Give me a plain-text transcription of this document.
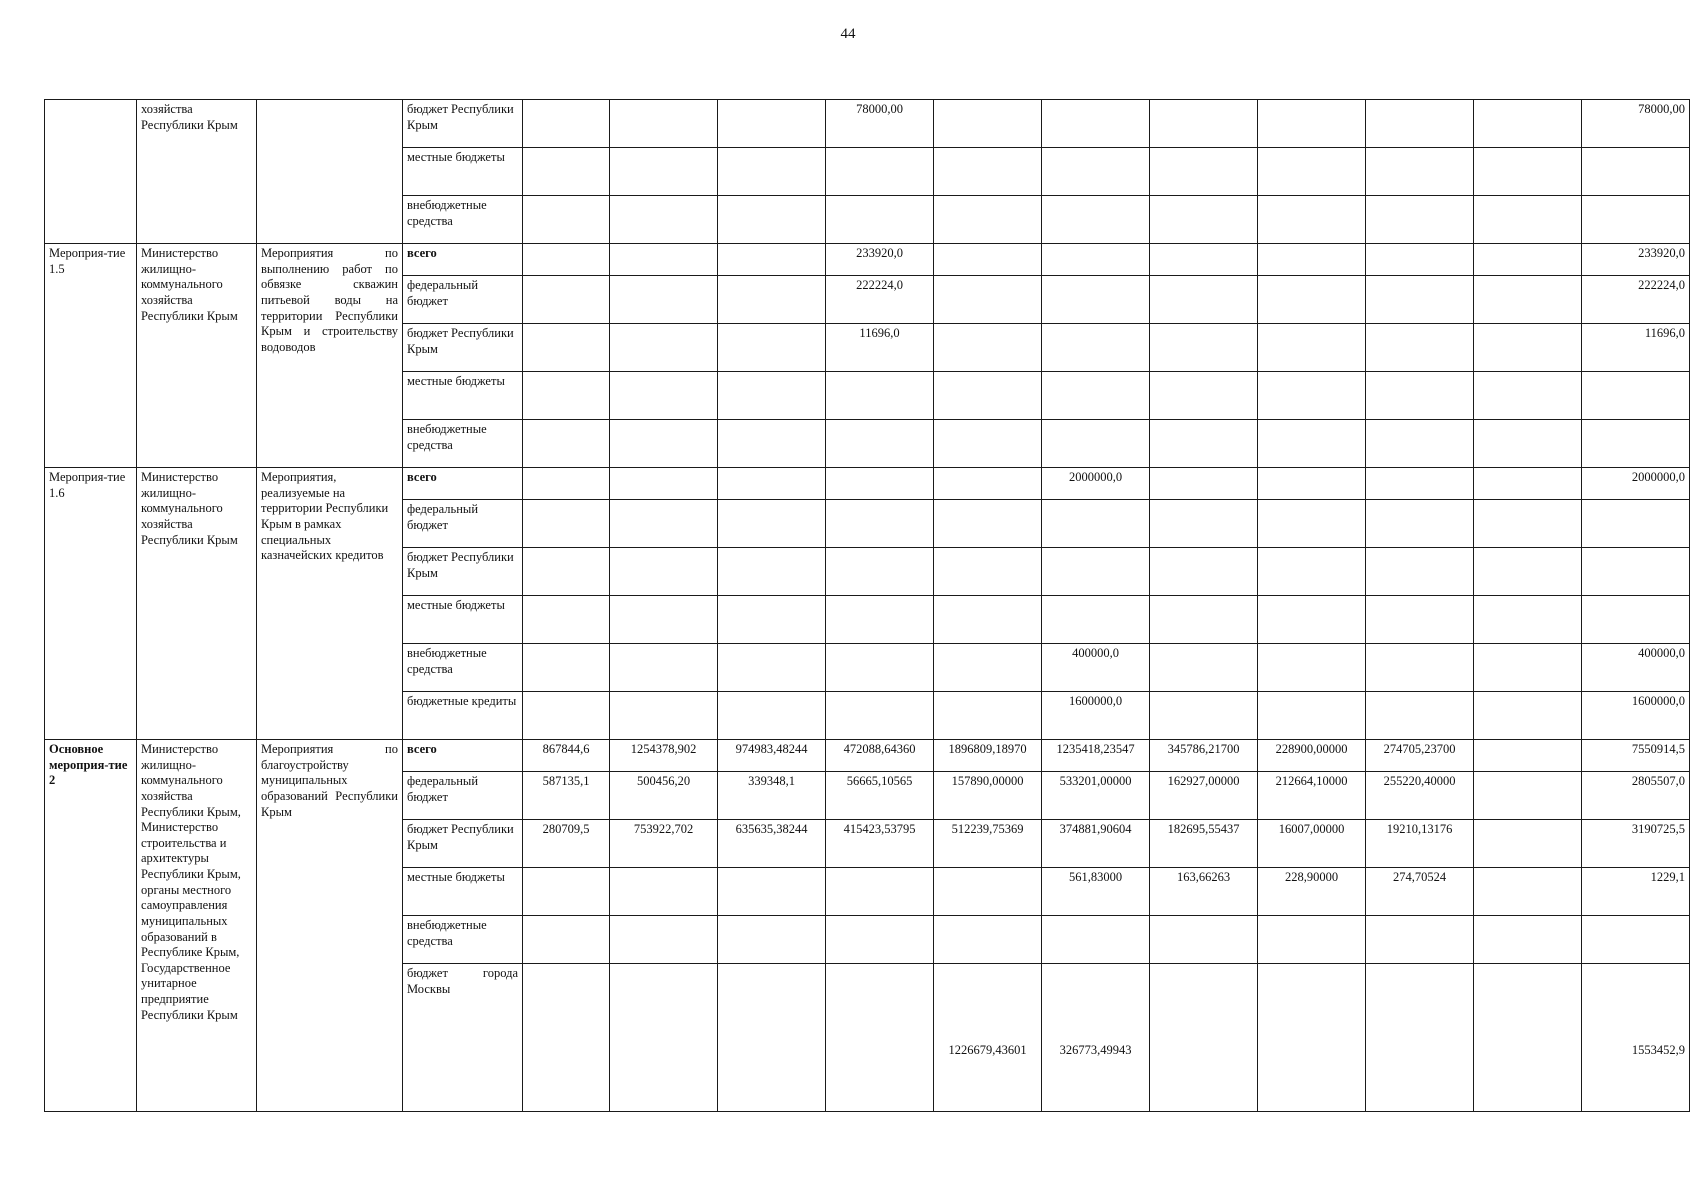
44
	хозяйства Республики Крым		бюджет Республики Крым				78000,00							78000,00
			местные бюджеты											
			внебюджетные средства											
Мероприя-тие 1.5	Министерство жилищно-коммунального хозяйства Республики Крым	Мероприятия по выполнению работ по обвязке скважин питьевой воды на территории Республики Крым и строительству водоводов	всего				233920,0							233920,0
			федеральный бюджет				222224,0							222224,0
			бюджет Республики Крым				11696,0							11696,0
			местные бюджеты											
			внебюджетные средства											
Мероприя-тие 1.6	Министерство жилищно-коммунального хозяйства Республики Крым	Мероприятия, реализуемые на территории Республики Крым в рамках специальных казначейских кредитов	всего						2000000,0					2000000,0
			федеральный бюджет											
			бюджет Республики Крым											
			местные бюджеты											
			внебюджетные средства						400000,0					400000,0
			бюджетные кредиты						1600000,0					1600000,0
Основное мероприя-тие 2	Министерство жилищно-коммунального хозяйства Республики Крым, Министерство строительства и архитектуры Республики Крым, органы местного самоуправления муниципальных образований в Республике Крым, Государственное унитарное предприятие Республики Крым	Мероприятия по благоустройству муниципальных образований Республики Крым	всего	867844,6	1254378,902	974983,48244	472088,64360	1896809,18970	1235418,23547	345786,21700	228900,00000	274705,23700		7550914,5
			федеральный бюджет	587135,1	500456,20	339348,1	56665,10565	157890,00000	533201,00000	162927,00000	212664,10000	255220,40000		2805507,0
			бюджет Республики Крым	280709,5	753922,702	635635,38244	415423,53795	512239,75369	374881,90604	182695,55437	16007,00000	19210,13176		3190725,5
			местные бюджеты						561,83000	163,66263	228,90000	274,70524		1229,1
			внебюджетные средства											
			бюджет города Москвы					1226679,43601	326773,49943					1553452,9
